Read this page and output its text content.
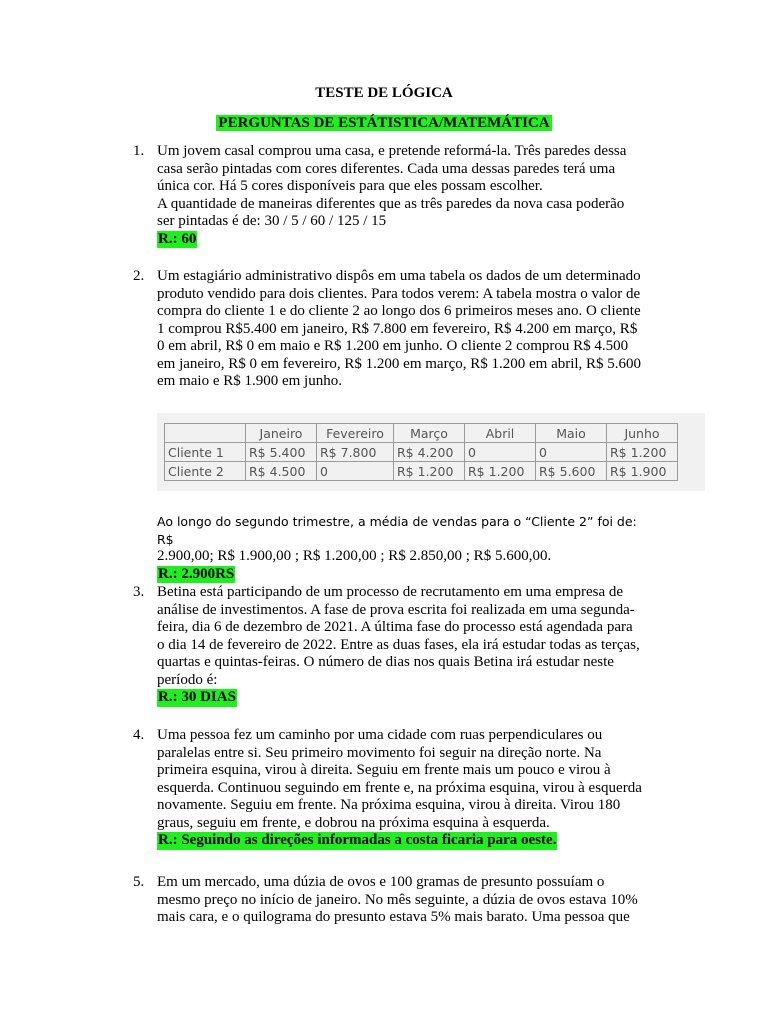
TESTE DE LÓGICA
PERGUNTAS DE ESTÁTISTICA/MATEMÁTICA
1. Um jovem casal comprou uma casa, e pretende reformá-la. Três paredes dessa

casa serão pintadas com cores diferentes. Cada uma dessas paredes terá uma

única cor. Há 5 cores disponíveis para que eles possam escolher.

A quantidade de maneiras diferentes que as três paredes da nova casa poderão

ser pintadas é de: 30 / 5 / 60 / 125 / 15

R.: 60

2. Um estagiário administrativo dispôs em uma tabela os dados de um determinado

produto vendido para dois clientes. Para todos verem: A tabela mostra o valor de

compra do cliente 1 e do cliente 2 ao longo dos 6 primeiros meses ano. O cliente

1 comprou R$5.400 em janeiro, R$ 7.800 em fevereiro, R$ 4.200 em março, R$

0 em abril, R$ 0 em maio e R$ 1.200 em junho. O cliente 2 comprou R$ 4.500

em janeiro, R$ 0 em fevereiro, R$ 1.200 em março, R$ 1.200 em abril, R$ 5.600

em maio e R$ 1.900 em junho.

	Janeiro	Fevereiro	Março	Abril	Maio	Junho
Cliente 1	R$ 5.400	R$ 7.800	R$ 4.200	0	0	R$ 1.200
Cliente 2	R$ 4.500	0	R$ 1.200	R$ 1.200	R$ 5.600	R$ 1.900

Ao longo do segundo trimestre, a média de vendas para o “Cliente 2” foi de: R$

2.900,00; R$ 1.900,00 ; R$ 1.200,00 ; R$ 2.850,00 ; R$ 5.600,00.

R.: 2.900RS

3. Betina está participando de um processo de recrutamento em uma empresa de

análise de investimentos. A fase de prova escrita foi realizada em uma segunda-

feira, dia 6 de dezembro de 2021. A última fase do processo está agendada para

o dia 14 de fevereiro de 2022. Entre as duas fases, ela irá estudar todas as terças,

quartas e quintas-feiras. O número de dias nos quais Betina irá estudar neste

período é:

R.: 30 DIAS

4. Uma pessoa fez um caminho por uma cidade com ruas perpendiculares ou

paralelas entre si. Seu primeiro movimento foi seguir na direção norte. Na

primeira esquina, virou à direita. Seguiu em frente mais um pouco e virou à

esquerda. Continuou seguindo em frente e, na próxima esquina, virou à esquerda

novamente. Seguiu em frente. Na próxima esquina, virou à direita. Virou 180

graus, seguiu em frente, e dobrou na próxima esquina à esquerda.

R.: Seguindo as direções informadas a costa ficaria para oeste.

5. Em um mercado, uma dúzia de ovos e 100 gramas de presunto possuíam o

mesmo preço no início de janeiro. No mês seguinte, a dúzia de ovos estava 10%

mais cara, e o quilograma do presunto estava 5% mais barato. Uma pessoa que
